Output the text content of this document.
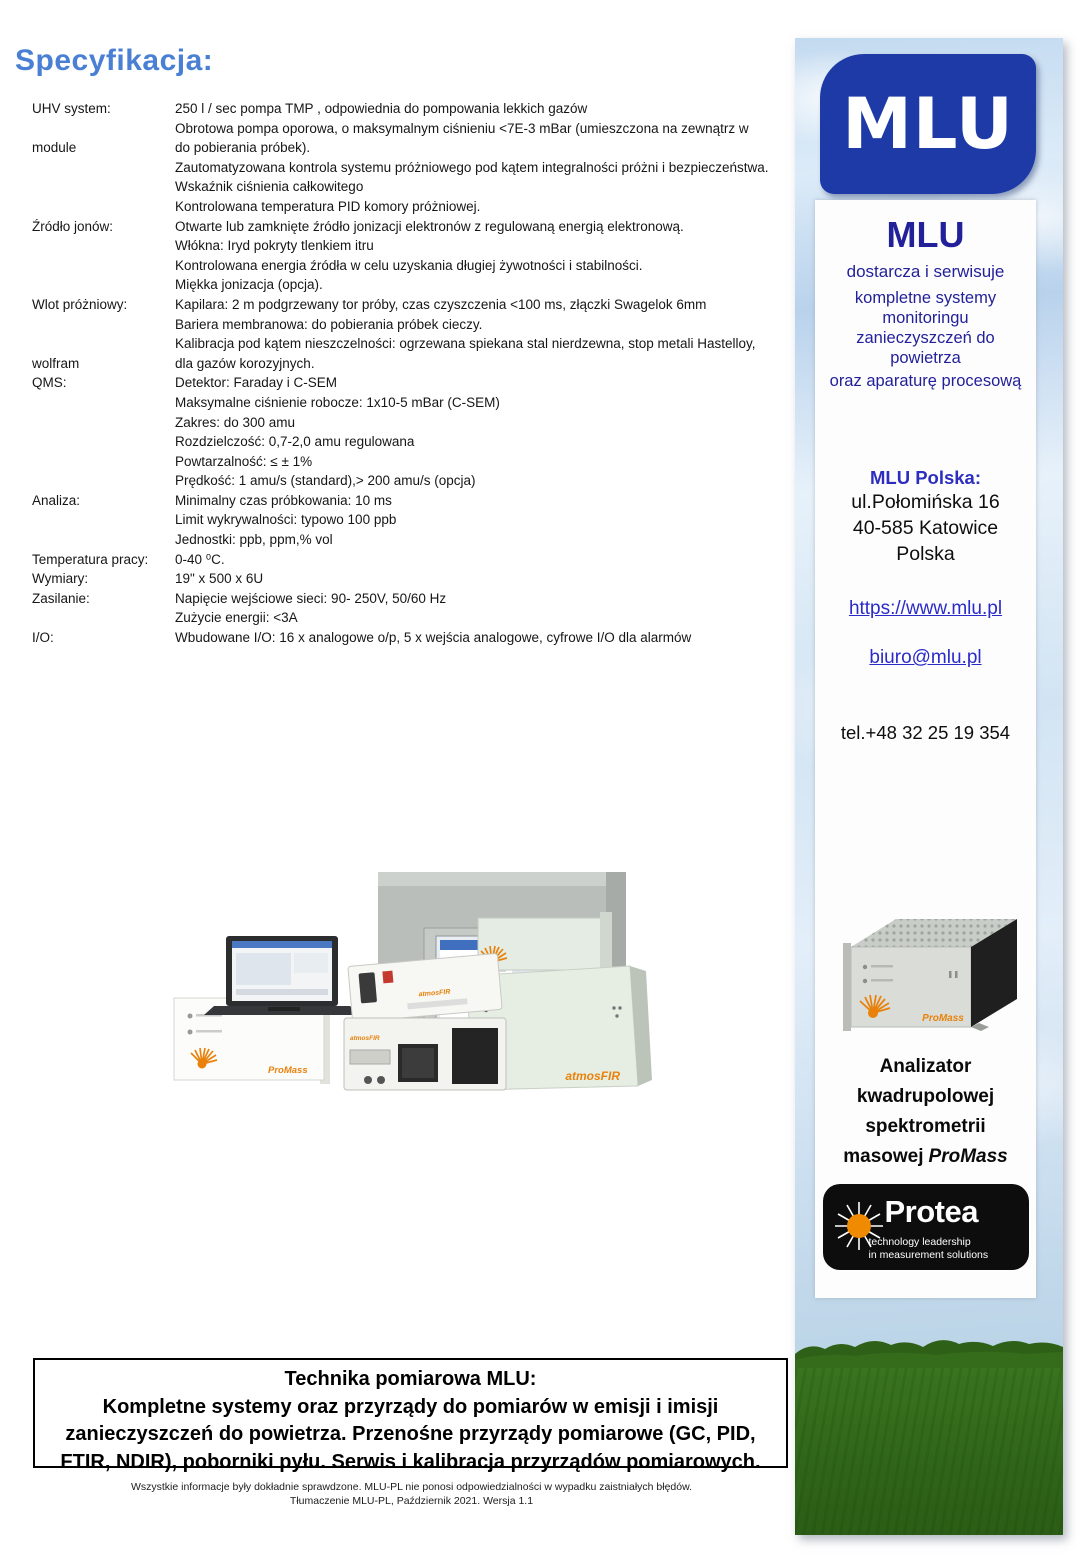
Specyfikacja:
UHV system:	250 l / sec pompa TMP , odpowiednia do pompowania lekkich gazów
Obrotowa pompa oporowa, o maksymalnym ciśnieniu <7E-3 mBar (umieszczona na zewnątrz w
module	do pobierania próbek).
Zautomatyzowana kontrola systemu próżniowego pod kątem integralności próżni i bezpieczeństwa.
Wskaźnik ciśnienia całkowitego
Kontrolowana temperatura PID komory próżniowej.
Źródło jonów:	Otwarte lub zamknięte źródło jonizacji elektronów z regulowaną energią elektronową.
Włókna: Iryd pokryty tlenkiem itru
Kontrolowana energia źródła w celu uzyskania długiej żywotności i stabilności.
Miękka jonizacja (opcja).
Wlot próżniowy:	Kapilara: 2 m podgrzewany tor próby, czas czyszczenia <100 ms, złączki Swagelok 6mm
Bariera membranowa: do pobierania próbek cieczy.
Kalibracja pod kątem nieszczelności: ogrzewana spiekana stal nierdzewna, stop metali Hastelloy,
wolfram	dla gazów korozyjnych.
QMS:	Detektor: Faraday i C-SEM
Maksymalne ciśnienie robocze: 1x10-5 mBar (C-SEM)
Zakres: do 300 amu
Rozdzielczość: 0,7-2,0 amu regulowana
Powtarzalność: ≤ ± 1%
Prędkość: 1 amu/s (standard),> 200 amu/s (opcja)
Analiza:	Minimalny czas próbkowania: 10 ms
Limit wykrywalności: typowo 100 ppb
Jednostki: ppb, ppm,% vol
Temperatura pracy:	0-40 ⁰C.
Wymiary:	19" x 500 x 6U
Zasilanie:	Napięcie wejściowe sieci: 90- 250V, 50/60 Hz
Zużycie energii: <3A
I/O:	Wbudowane I/O: 16 x analogowe o/p, 5 x wejścia analogowe, cyfrowe I/O dla alarmów
atmosFIR
ProMass
atmosFIR
atmosFIR
Technika pomiarowa MLU:
Kompletne systemy oraz przyrządy do pomiarów w emisji i imisji zanieczyszczeń do powietrza. Przenośne przyrządy pomiarowe (GC, PID, FTIR, NDIR), poborniki pyłu. Serwis i kalibracja przyrządów pomiarowych.
Wszystkie informacje były dokładnie sprawdzone. MLU-PL nie ponosi odpowiedzialności w wypadku zaistniałych błędów.
Tłumaczenie MLU-PL, Październik 2021. Wersja 1.1
MLU
MLU
dostarcza i serwisuje
kompletne systemy monitoringu zanieczyszczeń do powietrza
oraz aparaturę procesową
MLU Polska:
ul.Połomińska 16
40-585 Katowice
Polska
https://www.mlu.pl
biuro@mlu.pl
tel.+48 32 25 19 354
ProMass
Analizator
kwadrupolowej
spektrometrii
masowej ProMass
Protea
technology leadership
in measurement solutions
